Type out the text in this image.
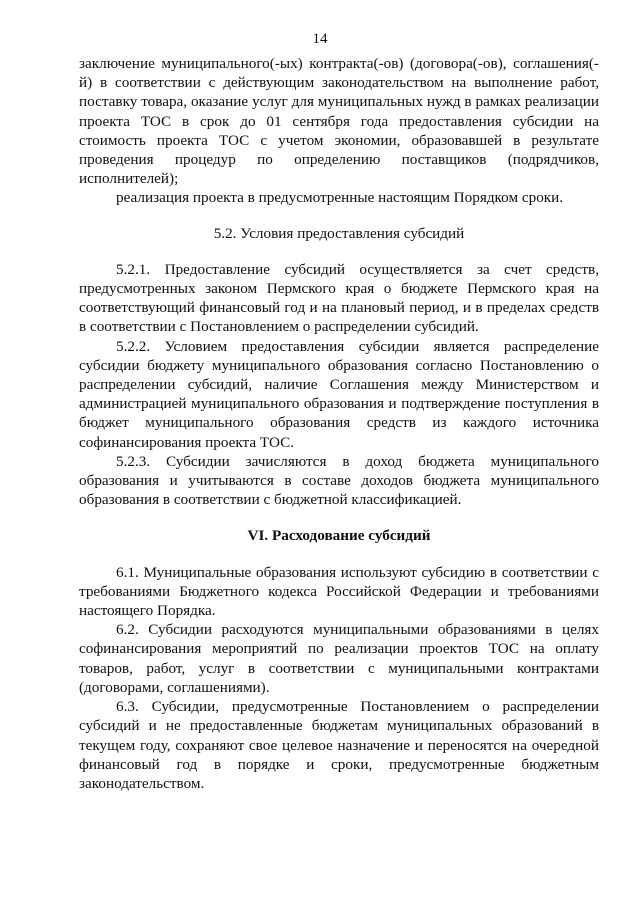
14

заключение муниципального(-ых) контракта(-ов) (договора(-ов), соглашения(-й) в соответствии с действующим законодательством на выполнение работ, поставку товара, оказание услуг для муниципальных нужд в рамках реализации проекта ТОС в срок до 01 сентября года предоставления субсидии на стоимость проекта ТОС с учетом экономии, образовавшей в результате проведения процедур по определению поставщиков (подрядчиков, исполнителей);

реализация проекта в предусмотренные настоящим Порядком сроки.

5.2. Условия предоставления субсидий

5.2.1. Предоставление субсидий осуществляется за счет средств, предусмотренных законом Пермского края о бюджете Пермского края на соответствующий финансовый год и на плановый период, и в пределах средств в соответствии с Постановлением о распределении субсидий.

5.2.2. Условием предоставления субсидии является распределение субсидии бюджету муниципального образования согласно Постановлению о распределении субсидий, наличие Соглашения между Министерством и администрацией муниципального образования и подтверждение поступления в бюджет муниципального образования средств из каждого источника софинансирования проекта ТОС.

5.2.3. Субсидии зачисляются в доход бюджета муниципального образования и учитываются в составе доходов бюджета муниципального образования в соответствии с бюджетной классификацией.

VI. Расходование субсидий

6.1. Муниципальные образования используют субсидию в соответствии с требованиями Бюджетного кодекса Российской Федерации и требованиями настоящего Порядка.

6.2. Субсидии расходуются муниципальными образованиями в целях софинансирования мероприятий по реализации проектов ТОС на оплату товаров, работ, услуг в соответствии с муниципальными контрактами (договорами, соглашениями).

6.3. Субсидии, предусмотренные Постановлением о распределении субсидий и не предоставленные бюджетам муниципальных образований в текущем году, сохраняют свое целевое назначение и переносятся на очередной финансовый год в порядке и сроки, предусмотренные бюджетным законодательством.
